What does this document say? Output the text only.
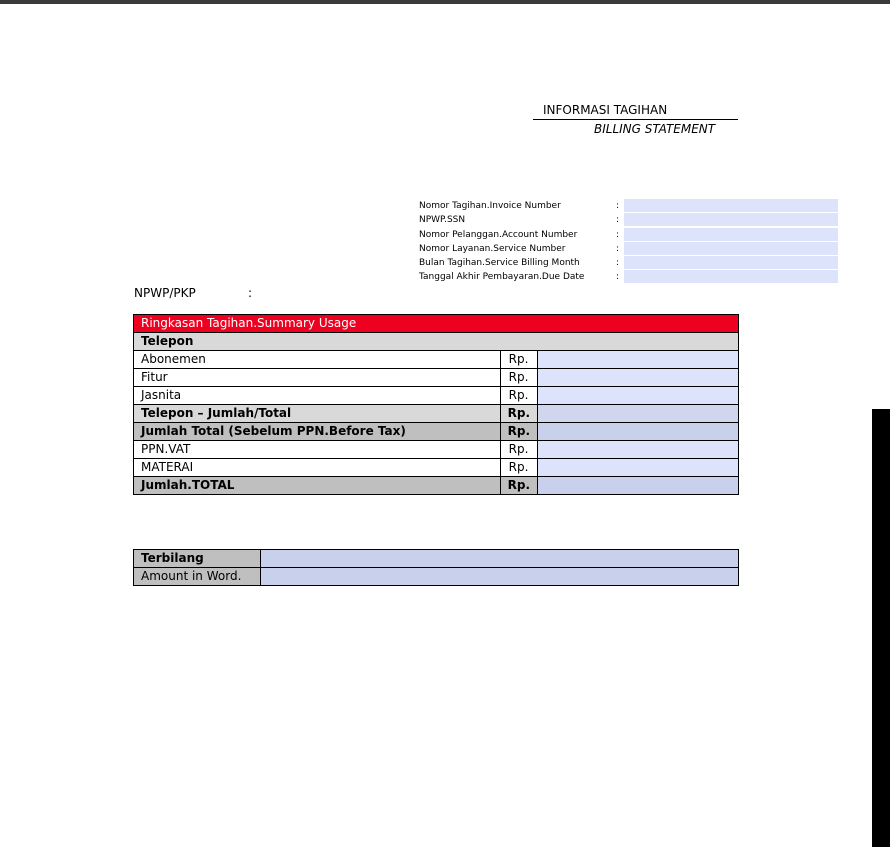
INFORMASI TAGIHAN
BILLING STATEMENT
Nomor Tagihan.Invoice Number	:
NPWP.SSN	:
Nomor Pelanggan.Account Number	:
Nomor Layanan.Service Number	:
Bulan Tagihan.Service Billing Month	:
Tanggal Akhir Pembayaran.Due Date	:
NPWP/PKP	:
Ringkasan Tagihan.Summary Usage		
Telepon		
Abonemen	Rp.	
Fitur	Rp.	
Jasnita	Rp.	
Telepon – Jumlah/Total	Rp.	
Jumlah Total (Sebelum PPN.Before Tax)	Rp.	
PPN.VAT	Rp.	
MATERAI	Rp.	
Jumlah.TOTAL	Rp.	
Terbilang	
Amount in Word.	
